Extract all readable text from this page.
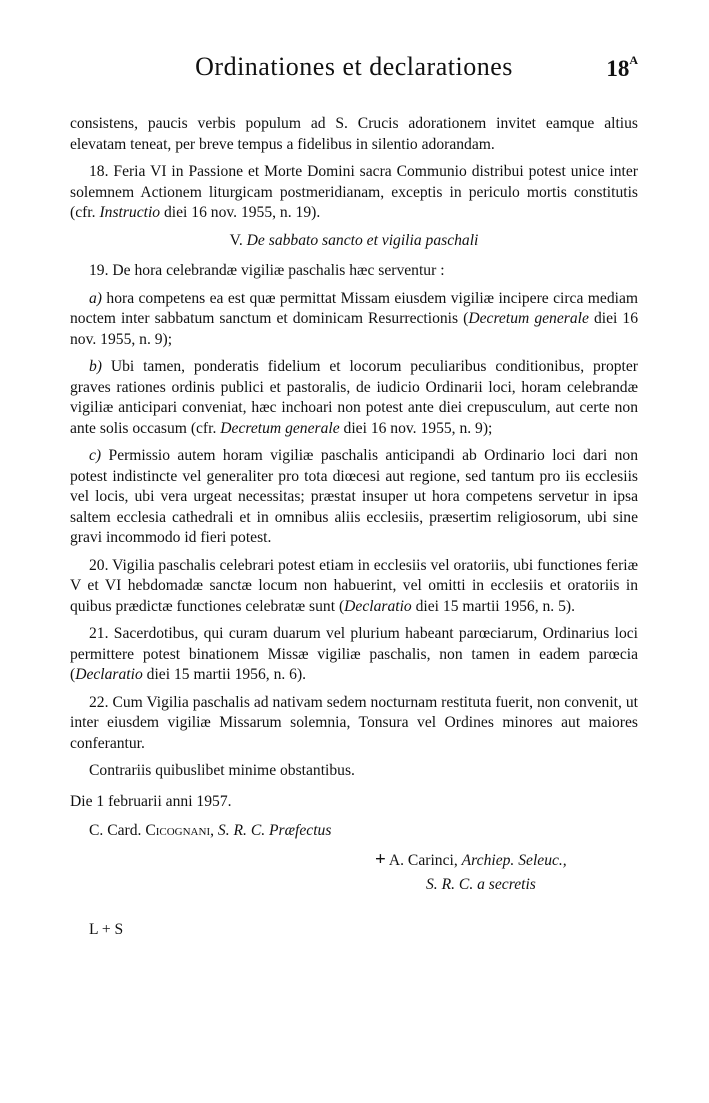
Ordinationes et declarationes	$18^A$

consistens, paucis verbis populum ad S. Crucis adorationem invitet eamque altius elevatam teneat, per breve tempus a fidelibus in silentio adorandam.

18. Feria VI in Passione et Morte Domini sacra Communio distribui potest unice inter solemnem Actionem liturgicam postmeridianam, exceptis in periculo mortis constitutis (cfr. Instructio diei 16 nov. 1955, n. 19).

V. De sabbato sancto et vigilia paschali

19. De hora celebrandæ vigiliæ paschalis hæc serventur :

a) hora competens ea est quæ permittat Missam eiusdem vigiliæ incipere circa mediam noctem inter sabbatum sanctum et dominicam Resurrectionis (Decretum generale diei 16 nov. 1955, n. 9);

b) Ubi tamen, ponderatis fidelium et locorum peculiaribus conditionibus, propter graves rationes ordinis publici et pastoralis, de iudicio Ordinarii loci, horam celebrandæ vigiliæ anticipari conveniat, hæc inchoari non potest ante diei crepusculum, aut certe non ante solis occasum (cfr. Decretum generale diei 16 nov. 1955, n. 9);

c) Permissio autem horam vigiliæ paschalis anticipandi ab Ordinario loci dari non potest indistincte vel generaliter pro tota diœcesi aut regione, sed tantum pro iis ecclesiis vel locis, ubi vera urgeat necessitas; præstat insuper ut hora competens servetur in ipsa saltem ecclesia cathedrali et in omnibus aliis ecclesiis, præsertim religiosorum, ubi sine gravi incommodo id fieri potest.

20. Vigilia paschalis celebrari potest etiam in ecclesiis vel oratoriis, ubi functiones feriæ V et VI hebdomadæ sanctæ locum non habuerint, vel omitti in ecclesiis et oratoriis in quibus prædictæ functiones celebratæ sunt (Declaratio diei 15 martii 1956, n. 5).

21. Sacerdotibus, qui curam duarum vel plurium habeant parœciarum, Ordinarius loci permittere potest binationem Missæ vigiliæ paschalis, non tamen in eadem parœcia (Declaratio diei 15 martii 1956, n. 6).

22. Cum Vigilia paschalis ad nativam sedem nocturnam restituta fuerit, non convenit, ut inter eiusdem vigiliæ Missarum solemnia, Tonsura vel Ordines minores aut maiores conferantur.

Contrariis quibuslibet minime obstantibus.

Die 1 februarii anni 1957.

C. Card. Cicognani, S. R. C. Præfectus
+ A. Carinci, Archiep. Seleuc.,
S. R. C. a secretis
L + S
